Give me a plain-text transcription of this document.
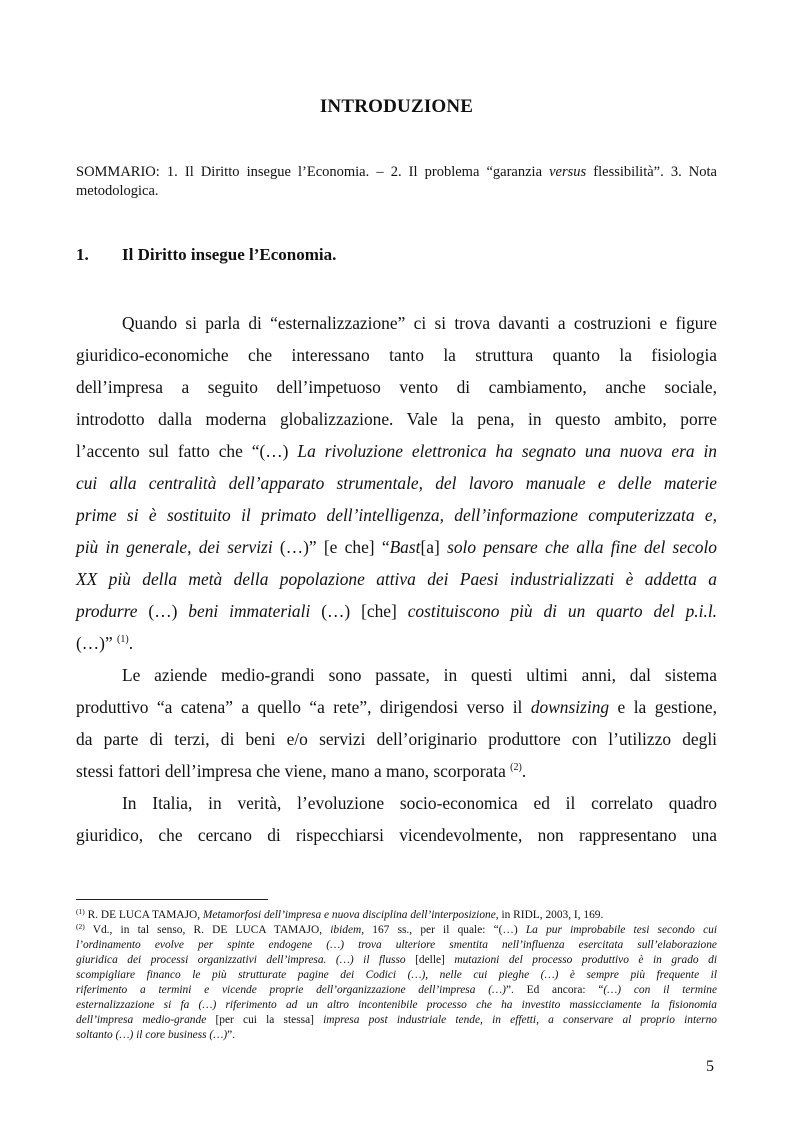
INTRODUZIONE
SOMMARIO: 1. Il Diritto insegue l’Economia. – 2. Il problema “garanzia versus flessibilità”. 3. Nota metodologica.
1. Il Diritto insegue l’Economia.
Quando si parla di “esternalizzazione” ci si trova davanti a costruzioni e figure
giuridico-economiche che interessano tanto la struttura quanto la fisiologia
dell’impresa a seguito dell’impetuoso vento di cambiamento, anche sociale,
introdotto dalla moderna globalizzazione. Vale la pena, in questo ambito, porre
l’accento sul fatto che “(…) La rivoluzione elettronica ha segnato una nuova era in
cui alla centralità dell’apparato strumentale, del lavoro manuale e delle materie
prime si è sostituito il primato dell’intelligenza, dell’informazione computerizzata e,
più in generale, dei servizi (…)” [e che] “Bast[a] solo pensare che alla fine del secolo
XX più della metà della popolazione attiva dei Paesi industrializzati è addetta a
produrre (…) beni immateriali (…) [che] costituiscono più di un quarto del p.i.l.
(…)” $^{(1)}$.
Le aziende medio-grandi sono passate, in questi ultimi anni, dal sistema
produttivo “a catena” a quello “a rete”, dirigendosi verso il downsizing e la gestione,
da parte di terzi, di beni e/o servizi dell’originario produttore con l’utilizzo degli
stessi fattori dell’impresa che viene, mano a mano, scorporata $^{(2)}$.
In Italia, in verità, l’evoluzione socio-economica ed il correlato quadro
giuridico, che cercano di rispecchiarsi vicendevolmente, non rappresentano una
$^{(1)}$ R. DE LUCA TAMAJO, Metamorfosi dell’impresa e nuova disciplina dell’interposizione, in RIDL, 2003, I, 169.
$^{(2)}$ Vd., in tal senso, R. DE LUCA TAMAJO, ibidem, 167 ss., per il quale: “(…) La pur improbabile tesi secondo cui
l’ordinamento evolve per spinte endogene (…) trova ulteriore smentita nell’influenza esercitata sull’elaborazione
giuridica dei processi organizzativi dell’impresa. (…) il flusso [delle] mutazioni del processo produttivo è in grado di
scompigliare financo le più strutturate pagine dei Codici (…), nelle cui pieghe (…) è sempre più frequente il
riferimento a termini e vicende proprie dell’organizzazione dell’impresa (…)”. Ed ancora: “(…) con il termine
esternalizzazione si fa (…) riferimento ad un altro incontenibile processo che ha investito massicciamente la fisionomia
dell’impresa medio-grande [per cui la stessa] impresa post industriale tende, in effetti, a conservare al proprio interno
soltanto (…) il core business (…)”.
5
